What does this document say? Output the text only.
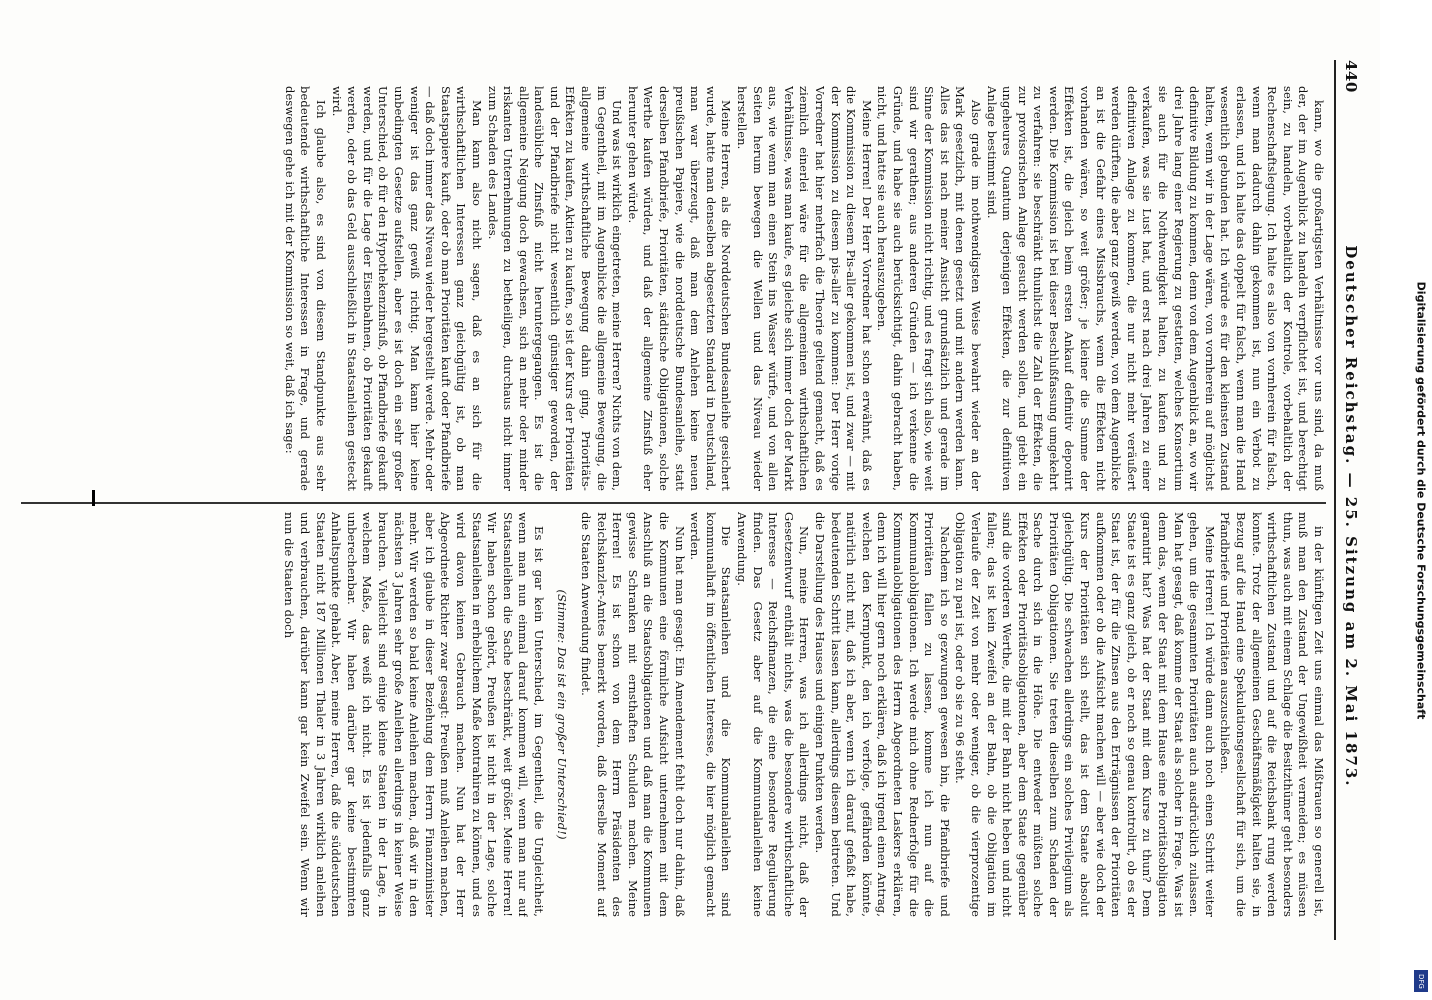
440
Deutscher Reichstag. — 25. Sitzung am 2. Mai 1873.

kann, wo die großartigsten Verhältnisse vor uns sind, da muß der, der im Augenblick zu handeln verpflichtet ist, und berechtigt sein, zu handeln, vorbehaltlich der Kontrole, vorbehaltlich der Rechenschaftslegung. Ich halte es also von vornherein für falsch, wenn man dadurch dahin gekommen ist, nun ein Verbot zu erlassen, und ich halte das doppelt für falsch, wenn man die Hand wesentlich gebunden hat. Ich würde es für den kleinsten Zustand halten, wenn wir in der Lage wären, von vornherein auf möglichst definitive Bildung zu kommen, denn von dem Augenblick an, wo wir drei Jahre lang einer Regierung zu gestatten, welches Konsortium sie auch für die Nothwendigkeit halten, zu kaufen und zu verkaufen, was sie Lust hat, und erst nach drei Jahren zu einer definitiven Anlage zu kommen, die nur nicht mehr veräußert werden dürften, die aber ganz gewiß werden, von dem Augenblicke an ist die Gefahr eines Missbrauchs, wenn die Effekten nicht vorhanden wären, so weit größer; je kleiner die Summe der Effekten ist, die gleich beim ersten Ankauf definitiv deponirt werden. Die Kommission ist bei dieser Beschlußfassung umgekehrt zu verfahren: sie beschränkt thunlichst die Zahl der Effekten, die zur provisorischen Anlage gesucht werden sollen, und giebt ein ungeheures Quantum derjenigen Effekten, die zur definitiven Anlage bestimmt sind.

Also grade im nothwendigsten Weise bewahrt wieder an der Mark gesetzlich, mit denen gesetzt und mit andern werden kann. Alles das ist nach meiner Ansicht grundsätzlich und gerade im Sinne der Kommission nicht richtig, und es fragt sich also, wie weit sind wir gerathen; aus anderen Gründen — ich verkenne die Gründe, und habe sie auch berücksichtigt, dahin gebracht haben, nicht, und hatte sie auch herauszugeben.

Meine Herren! Der Herr Vorredner hat schon erwähnt, daß es die Kommission zu diesem Pis-aller gekommen ist, und zwar — mit der Kommission zu diesem pis-aller zu kommen: Der Herr vorige Vorredner hat hier mehrfach die Theorie geltend gemacht, daß es ziemlich einerlei wäre für die allgemeinen wirthschaftlichen Verhältnisse, was man kaufe, es gleiche sich immer doch der Markt aus, wie wenn man einen Stein ins Wasser würfe, und von allen Seiten herum bewegen die Wellen und das Niveau wieder herstellen.

Meine Herren, als die Norddeutschen Bundesanleihe gesichert wurde, hatte man denselben abgesetzten Standard in Deutschland, man war überzeugt, daß man dem Anlehen keine neuen preußischen Papiere, wie die norddeutsche Bundesanleihe, statt derselben Pfandbriefe, Prioritäten, städtische Obligationen, solche Werthe kaufen würden, und daß der allgemeine Zinsfuß eher herunter gehen würde.

Und was ist wirklich eingetreten, meine Herren? Nichts von dem, im Gegentheil, mit im Augenblicke die allgemeine Bewegung, die allgemeine wirthschaftliche Bewegung dahin ging, Prioritäts-Effekten zu kaufen, Aktien zu kaufen, so ist der Kurs der Prioritäten und der Pfandbriefe nicht wesentlich günstiger geworden, der landesübliche Zinsfuß nicht heruntergegangen. Es ist die allgemeine Neigung doch gewachsen, sich an mehr oder minder riskanten Unternehmungen zu betheiligen, durchaus nicht immer zum Schaden des Landes.

Man kann also nicht sagen, daß es an sich für die wirthschaftlichen Interessen ganz gleichgültig ist, ob man Staatspapiere kauft, oder ob man Prioritäten kauft oder Pfandbriefe — daß doch immer das Niveau wieder hergestellt werde. Mehr oder weniger ist das ganz gewiß richtig. Man kann hier keine unbedingten Gesetze aufstellen, aber es ist doch ein sehr großer Unterschied, ob für den Hypothekenzinsfuß, ob Pfandbriefe gekauft werden, und für die Lage der Eisenbahnen, ob Prioritäten gekauft werden, oder ob das Geld ausschließlich in Staatsanleihen gesteckt wird.

Ich glaube also, es sind von diesem Standpunkte aus sehr bedeutende wirthschaftliche Interessen in Frage, und gerade deswegen gehe ich mit der Kommission so weit, daß ich sage:

in der künftigen Zeit uns einmal das Mißtrauen so generell ist, muß man den Zustand der Ungewißheit vermeiden; es müssen thun, was auch mit einem Schlage die Besitzthümer geht besonders wirthschaftlichen Zustand und auf die Reichsbank rung werden konnte. Trotz der allgemeinen Geschäftsmäßigkeit halten sie, in Bezug auf die Hand eine Spekulationsgesellschaft für sich, um die Pfandbriefe und Prioritäten auszuschließen.

Meine Herren! Ich würde dann auch noch einen Schritt weiter gehen, um die gesammten Prioritäten auch ausdrücklich zulassen. Man hat gesagt, daß komme der Staat als solcher in Frage. Was ist denn das, wenn der Staat mit dem Hause eine Prioritätsobligation garantirt hat? Was hat der Staat mit dem Kurse zu thun? Dem Staate ist es ganz gleich, ob er noch so genau kontrolirt, ob es der Staat ist, der für die Zinsen aus den Erträgnissen der Prioritäten aufkommen oder ob die Aufsicht machen will — aber wie doch der Kurs der Prioritäten sich stellt, das ist dem Staate absolut gleichgültig. Die schwachen allerdings ein solches Privilegium als Prioritäten Obligationen. Sie treten dieselben zum Schaden der Sache durch sich in die Höhe. Die entweder müßten solche Effekten oder Prioritätsobligationen, aber dem Staate gegenüber sind die vorderen Werthe, die mit der Bahn nicht heben und nicht fallen; das ist kein Zweifel an der Bahn, ob die Obligation im Verlaufe der Zeit von mehr oder weniger, ob die vierprozentige Obligation zu pari ist, oder ob sie zu 96 steht.

Nachdem ich so gezwungen gewesen bin, die Pfandbriefe und Prioritäten fallen zu lassen, komme ich nun auf die Kommunalobligationen. Ich werde mich ohne Rednerfolge für die Kommunalobligationen des Herrn Abgeordneten Laskers erklären, denn ich will hier gern noch erklären, daß ich irgend einen Antrag, welchen den Kernpunkt, den ich verfolge, gefährden könnte, natürlich nicht mit, daß ich aber, wenn ich darauf gefaßt habe, bedeutenden Schritt lassen kann, allerdings diesem beitreten. Und die Darstellung des Hauses und einigen Punkten werden.

Nun, meine Herren, was ich allerdings nicht, daß der Gesetzentwurf enthält nichts, was die besondere wirthschaftliche Interesse — Reichsfinanzen, die eine besondere Regulierung finden. Das Gesetz aber auf die Kommunalanleihen keine Anwendung.

Die Staatsanleihen und die Kommunalanleihen sind kommunalhaft im öffentlichen Interesse, die hier möglich gemacht werden.

Nun hat man gesagt: Ein Amendement fehlt doch nur dahin, daß die Kommunen eine förmliche Aufsicht unternehmen mit dem Anschluß an die Staatsobligationen und daß man die Kommunen gewisse Schranken mit ernsthaften Schulden machen. Meine Herren! Es ist schon von dem Herrn Präsidenten des Reichskanzler-Amtes bemerkt worden, daß derselbe Moment auf die Staaten Anwendung findet.

(Stimme: Das ist ein großer Unterschied!)

Es ist gar kein Unterschied, im Gegentheil, die Ungleichheit, wenn man nun einmal darauf kommen will, wenn man nur auf Staatsanleihen die Sache beschränkt, weit größer. Meine Herren! Wir haben schon gehört, Preußen ist nicht in der Lage, solche Staatsanleihen in erheblichem Maße kontrahiren zu können, und es wird davon keinen Gebrauch machen. Nun hat der Herr Abgeordnete Richter zwar gesagt: Preußen muß Anleihen machen, aber ich glaube in dieser Beziehung dem Herrn Finanzminister mehr. Wir werden so bald keine Anleihen machen, daß wir in den nächsten 3 Jahren sehr große Anleihen allerdings in keiner Weise brauchen. Vielleicht sind einige kleine Staaten in der Lage, in welchem Maße, das weiß ich nicht. Es ist jedenfalls ganz unberechenbar. Wir haben darüber gar keine bestimmten Anhaltspunkte gehabt. Aber, meine Herren, daß die süddeutschen Staaten nicht 187 Millionen Thaler in 3 Jahren wirklich anleihen und verbrauchen, darüber kann gar kein Zweifel sein. Wenn wir nun die Staaten doch	Digitalisierung gefördert durch die Deutsche Forschungsgemeinschaft
DFG
